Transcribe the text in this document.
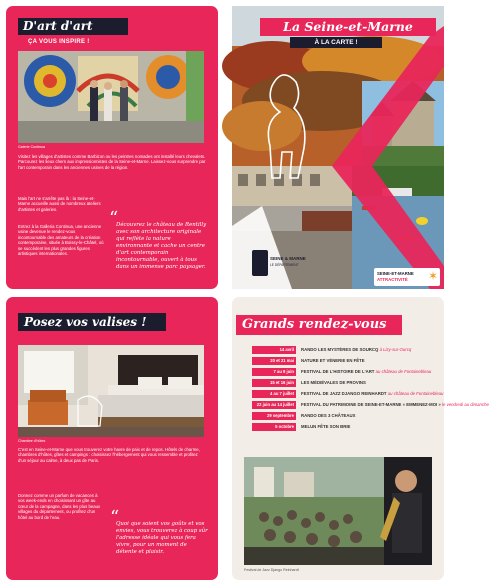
D'art d'art
ÇA VOUS INSPIRE !
Galerie Continua
Visitez les villages d'artistes comme Barbizon ou les peintres nomades ont installé leurs chevalets. Parcourez les lieux chers aux impressionnistes de la Seine-et-Marne. Laissez-vous surprendre par l'art contemporain dans les anciennes usines de la région.
Mais l'art ne s'arrête pas là : la Seine-et-Marne accueille aussi de nombreux ateliers d'artistes et galeries.
Entrez à la Galleria Continua, une ancienne usine devenue le rendez-vous incontournable des amateurs de la création contemporaine, située à Boissy-le-Châtel, où se succèdent les plus grandes figures artistiques internationales.
“
Découvrez le château de Rentilly avec son architecture originale qui reflète la nature environnante et cache un centre d'art contemporain incontournable, ouvert à tous dans un immense parc paysager.
La Seine-et-Marne
À LA CARTE !
SEINE & MARNE
LE DÉPARTEMENT
SEINE-ET-MARNE
ATTRACTIVITÉ ✶
Posez vos valises !
Chambre d'hôtes
C'est en Seine-et-Marne que vous trouverez votre havre de paix et de repos. Hôtels de charme, chambres d'hôtes, gîtes et campings : choisissez l'hébergement qui vous ressemble et profitez d'un séjour au calme, à deux pas de Paris.
Donnez comme un parfum de vacances à vos week-ends en choisissant un gîte au cœur de la campagne, dans les plus beaux villages du département, ou profitez d'un hôtel au bord de l'eau.	“
Quoi que soient vos goûts et vos envies, vous trouverez à coup sûr l'adresse idéale qui vous fera vivre, pour un moment de détente et plaisir.
Grands rendez-vous
14 avril	RANDO LES MYSTÈRES DE SOURCQ à Lizy-sur-Ourcq
20 et 21 mai	NATURE ET VÉNERIE EN FÊTE
7 au 9 juin	FESTIVAL DE L'HISTOIRE DE L'ART au château de Fontainebleau
15 et 16 juin	LES MÉDIÉVALES DE PROVINS
4 au 7 juillet	FESTIVAL DE JAZZ DJANGO REINHARDT au château de Fontainebleau
22 juin au 14 juillet	FESTIVAL DU PATRIMOINE DE SEINE-ET-MARNE « EMMENEZ-MOI » le vendredi au dimanche
29 septembre	RANDO DES 3 CHÂTEAUX
5 octobre	MELUN FÊTE SON BRIE
Festival de Jazz Django Reinhardt
